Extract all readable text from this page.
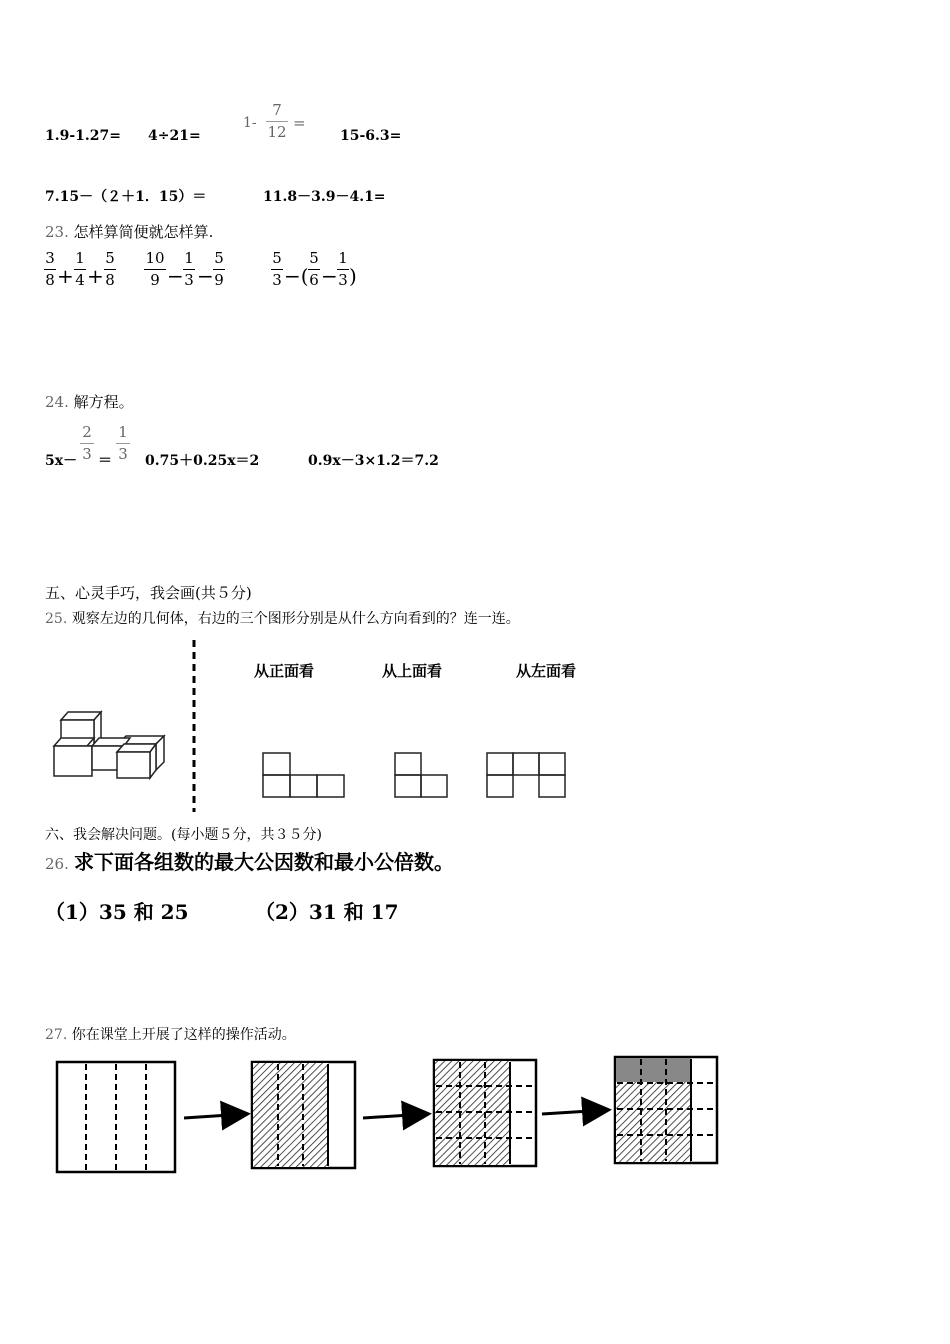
1.9-1.27= 4÷21=
1-
7
12 =
15-6.3=
7.15－（２＋1．15）＝	11.8－3.9－4.1=
23. 怎样算简便就怎样算.
3
8 +
1
4 +
5
8
10
9 −
1
3 −
5
9
5
3 −(
5
6 −
1
3 )
24. 解方程。
5x－
2
3 ＝
1
3 0.75＋0.25x＝2	0.9x－3×1.2＝7.2
五、心灵手巧，我会画(共５分)
25. 观察左边的几何体，右边的三个图形分别是从什么方向看到的？连一连。
从正面看	从上面看	从左面看
六、我会解决问题。(每小题５分，共３５分)
26. 求下面各组数的最大公因数和最小公倍数。
（1）35 和 25	（2）31 和 17
27. 你在课堂上开展了这样的操作活动。
